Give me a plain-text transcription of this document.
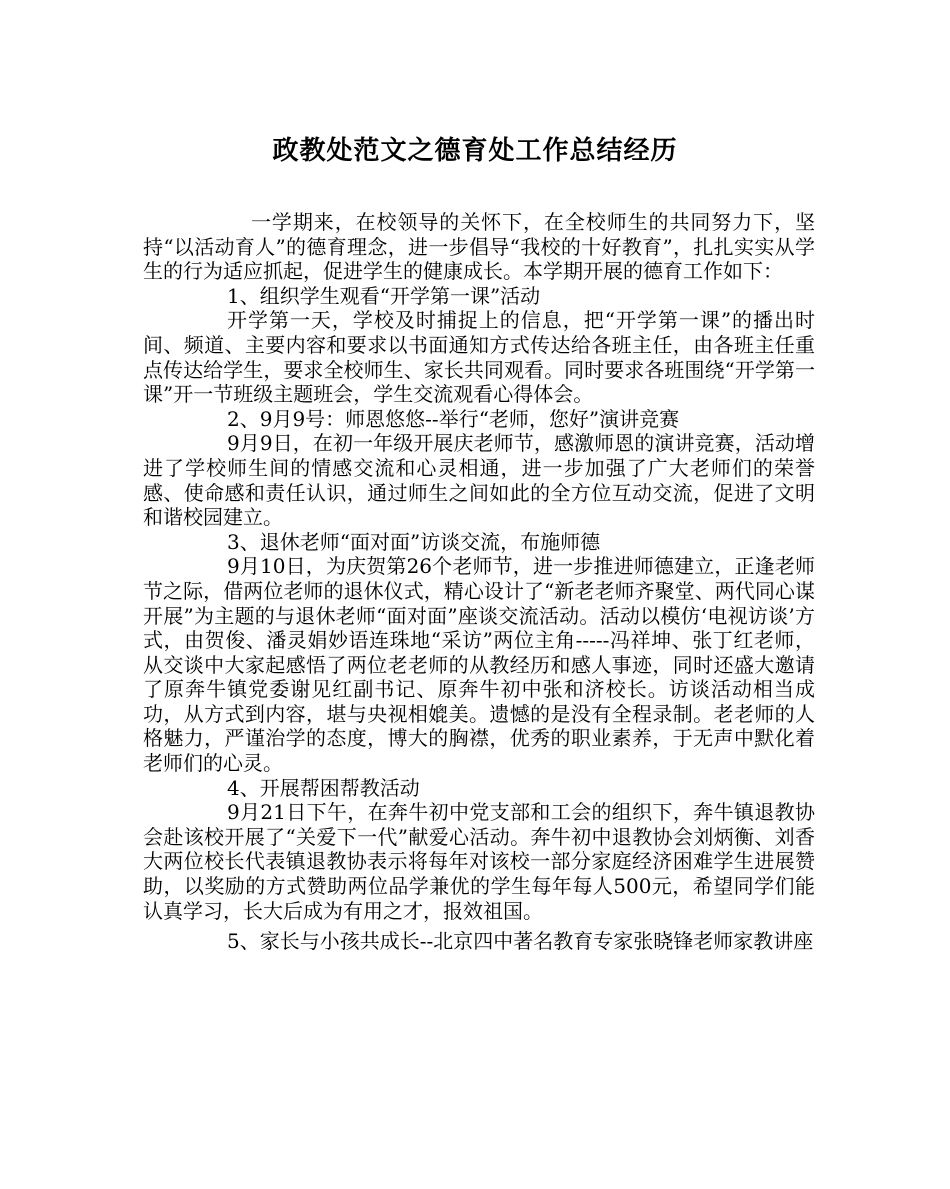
政教处范文之德育处工作总结经历

一学期来，在校领导的关怀下，在全校师生的共同努力下，坚持“以活动育人”的德育理念，进一步倡导“我校的十好教育”，扎扎实实从学生的行为适应抓起，促进学生的健康成长。本学期开展的德育工作如下：

1、组织学生观看“开学第一课”活动

开学第一天，学校及时捕捉上的信息，把“开学第一课”的播出时间、频道、主要内容和要求以书面通知方式传达给各班主任，由各班主任重点传达给学生，要求全校师生、家长共同观看。同时要求各班围绕“开学第一课”开一节班级主题班会，学生交流观看心得体会。

2、9月9号：师恩悠悠--举行“老师，您好”演讲竞赛

9月9日，在初一年级开展庆老师节，感激师恩的演讲竞赛，活动增进了学校师生间的情感交流和心灵相通，进一步加强了广大老师们的荣誉感、使命感和责任认识，通过师生之间如此的全方位互动交流，促进了文明和谐校园建立。

3、退休老师“面对面”访谈交流，布施师德

9月10日，为庆贺第26个老师节，进一步推进师德建立，正逢老师节之际，借两位老师的退休仪式，精心设计了“新老老师齐聚堂、两代同心谋开展”为主题的与退休老师“面对面”座谈交流活动。活动以模仿‘电视访谈’方式，由贺俊、潘灵娟妙语连珠地“采访”两位主角-----冯祥坤、张丁红老师，从交谈中大家起感悟了两位老老师的从教经历和感人事迹，同时还盛大邀请了原奔牛镇党委谢见红副书记、原奔牛初中张和济校长。访谈活动相当成功，从方式到内容，堪与央视相媲美。遗憾的是没有全程录制。老老师的人格魅力，严谨治学的态度，博大的胸襟，优秀的职业素养，于无声中默化着老师们的心灵。

4、开展帮困帮教活动

9月21日下午，在奔牛初中党支部和工会的组织下，奔牛镇退教协会赴该校开展了“关爱下一代”献爱心活动。奔牛初中退教协会刘炳衡、刘香大两位校长代表镇退教协表示将每年对该校一部分家庭经济困难学生进展赞助，以奖励的方式赞助两位品学兼优的学生每年每人500元，希望同学们能认真学习，长大后成为有用之才，报效祖国。

5、家长与小孩共成长--北京四中著名教育专家张晓锋老师家教讲座
